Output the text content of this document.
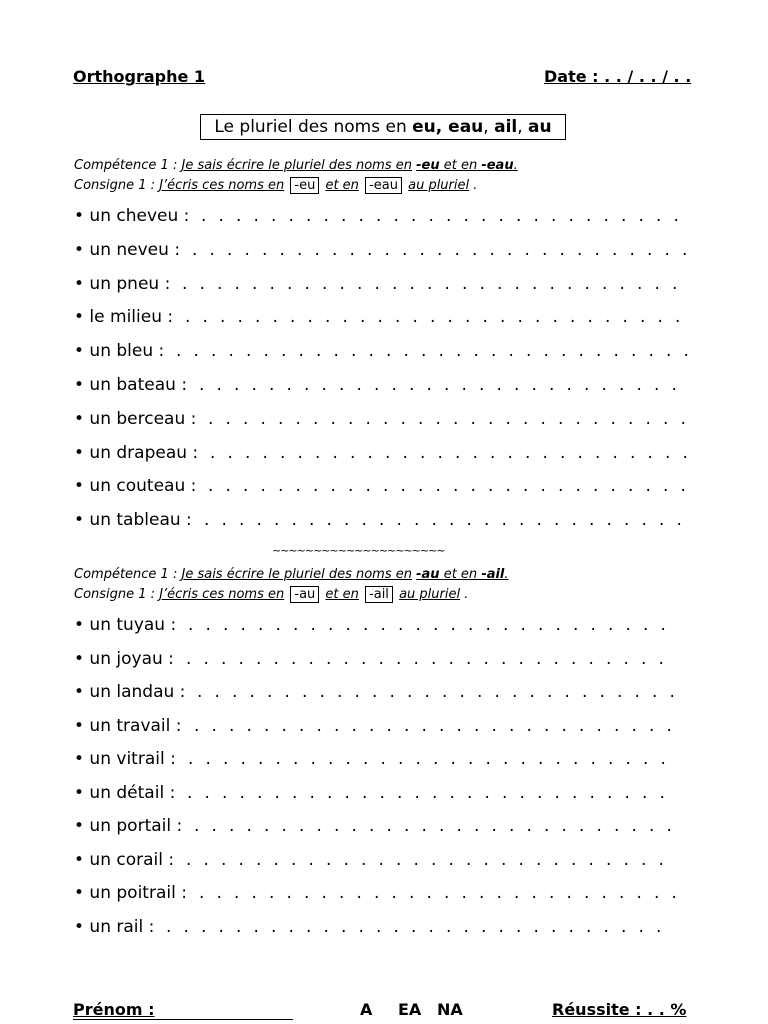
Orthographe 1	Date : . . / . . / . .
Le pluriel des noms en eu, eau, ail, au
Compétence 1 : Je sais écrire le pluriel des noms en -eu et en -eau.
Consigne 1 : J’écris ces noms en -eu et en -eau au pluriel .
• un cheveu : . . . . . . . . . . . . . . . . . . . . . . . . . . . .
• un neveu : . . . . . . . . . . . . . . . . . . . . . . . . . . . . .
• un pneu : . . . . . . . . . . . . . . . . . . . . . . . . . . . . .
• le milieu : . . . . . . . . . . . . . . . . . . . . . . . . . . . . .
• un bleu : . . . . . . . . . . . . . . . . . . . . . . . . . . . . . .
• un bateau : . . . . . . . . . . . . . . . . . . . . . . . . . . . .
• un berceau : . . . . . . . . . . . . . . . . . . . . . . . . . . . .
• un drapeau : . . . . . . . . . . . . . . . . . . . . . . . . . . . .
• un couteau : . . . . . . . . . . . . . . . . . . . . . . . . . . . .
• un tableau : . . . . . . . . . . . . . . . . . . . . . . . . . . . .
~~~~~~~~~~~~~~~~~~~~~
Compétence 1 : Je sais écrire le pluriel des noms en -au et en -ail.
Consigne 1 : J’écris ces noms en -au et en -ail au pluriel .
• un tuyau : . . . . . . . . . . . . . . . . . . . . . . . . . . . .
• un joyau : . . . . . . . . . . . . . . . . . . . . . . . . . . . .
• un landau : . . . . . . . . . . . . . . . . . . . . . . . . . . . .
• un travail : . . . . . . . . . . . . . . . . . . . . . . . . . . . .
• un vitrail : . . . . . . . . . . . . . . . . . . . . . . . . . . . .
• un détail : . . . . . . . . . . . . . . . . . . . . . . . . . . . .
• un portail : . . . . . . . . . . . . . . . . . . . . . . . . . . . .
• un corail : . . . . . . . . . . . . . . . . . . . . . . . . . . . .
• un poitrail : . . . . . . . . . . . . . . . . . . . . . . . . . . . .
• un rail : . . . . . . . . . . . . . . . . . . . . . . . . . . . . .
Prénom :	A EA NA	Réussite : . . %
